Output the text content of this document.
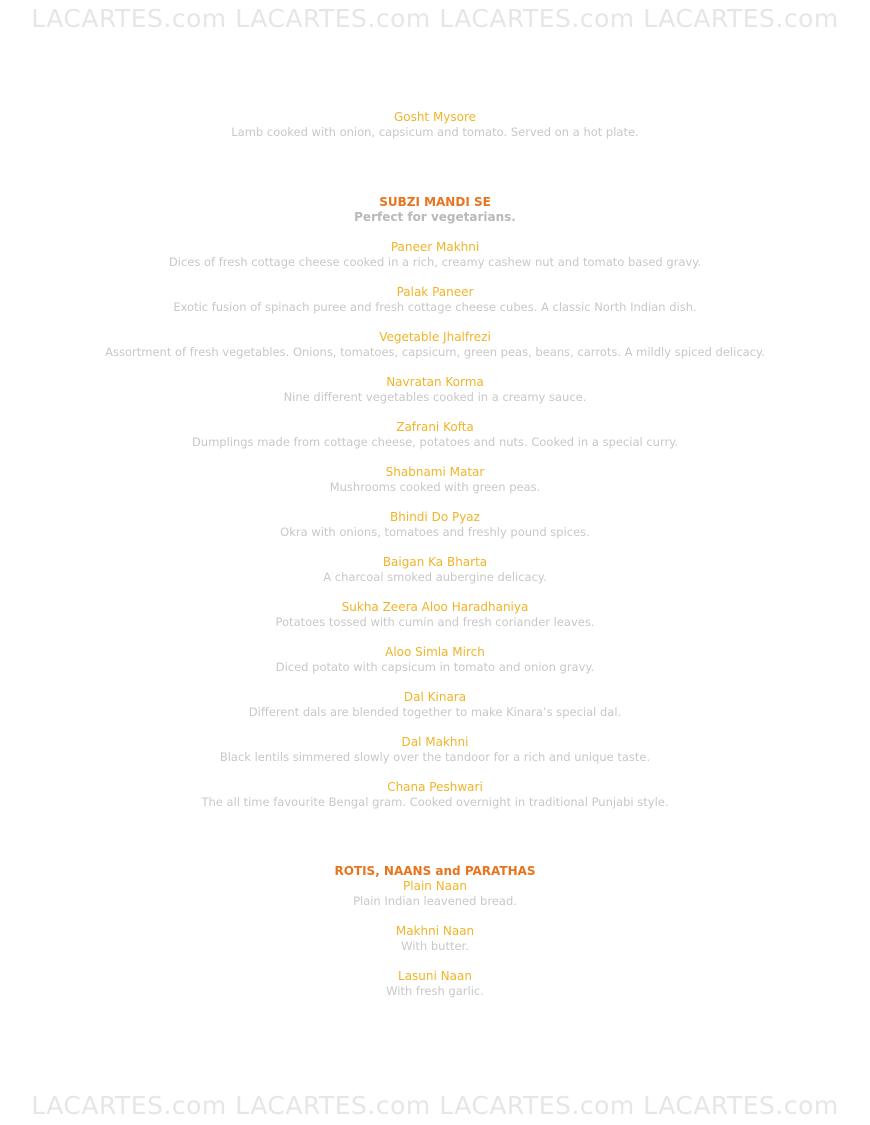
LACARTES.com LACARTES.com LACARTES.com LACARTES.com
Gosht Mysore
Lamb cooked with onion, capsicum and tomato. Served on a hot plate.
SUBZI MANDI SE
Perfect for vegetarians.
Paneer Makhni
Dices of fresh cottage cheese cooked in a rich, creamy cashew nut and tomato based gravy.
Palak Paneer
Exotic fusion of spinach puree and fresh cottage cheese cubes. A classic North Indian dish.
Vegetable Jhalfrezi
Assortment of fresh vegetables. Onions, tomatoes, capsicum, green peas, beans, carrots. A mildly spiced delicacy.
Navratan Korma
Nine different vegetables cooked in a creamy sauce.
Zafrani Kofta
Dumplings made from cottage cheese, potatoes and nuts. Cooked in a special curry.
Shabnami Matar
Mushrooms cooked with green peas.
Bhindi Do Pyaz
Okra with onions, tomatoes and freshly pound spices.
Baigan Ka Bharta
A charcoal smoked aubergine delicacy.
Sukha Zeera Aloo Haradhaniya
Potatoes tossed with cumin and fresh coriander leaves.
Aloo Simla Mirch
Diced potato with capsicum in tomato and onion gravy.
Dal Kinara
Different dals are blended together to make Kinara’s special dal.
Dal Makhni
Black lentils simmered slowly over the tandoor for a rich and unique taste.
Chana Peshwari
The all time favourite Bengal gram. Cooked overnight in traditional Punjabi style.
ROTIS, NAANS and PARATHAS
Plain Naan
Plain Indian leavened bread.
Makhni Naan
With butter.
Lasuni Naan
With fresh garlic.
LACARTES.com LACARTES.com LACARTES.com LACARTES.com
